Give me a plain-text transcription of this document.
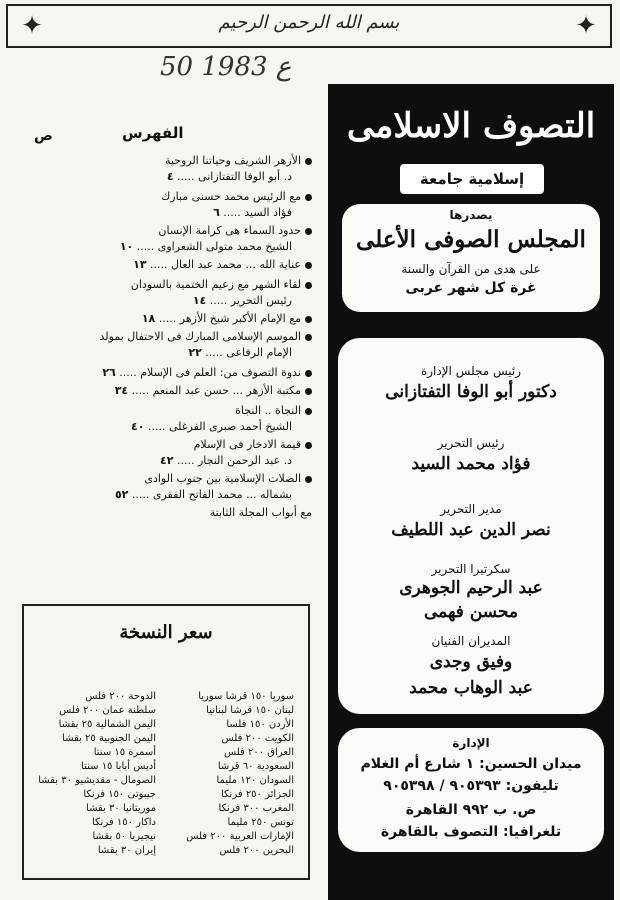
✦	بسم الله الرحمن الرحيم	✦
50 ع 1983
التصوف الاسلامى
إسلامية جامعة
يصدرها
المجلس الصوفى الأعلى
على هدى من القرآن والسنة
غرة كل شهر عربى
رئيس مجلس الإدارة
دكتور أبو الوفا التفتازانى
رئيس التحرير
فؤاد محمد السيد
مدير التحرير
نصر الدين عبد اللطيف
سكرتيرا التحرير
عبد الرحيم الجوهرى
محسن فهمى
المديران الفنيان
وفيق وجدى
عبد الوهاب محمد
الإدارة
ميدان الحسين: ١ شارع أم الغلام
تليفون: ٩٠٥٣٩٣ / ٩٠٥٣٩٨
ص. ب ٩٩٢ القاهرة
تلغرافيا: التصوف بالقاهرة
الفهرس
ص
الأزهر الشريف وحياتنا الروحية
د. أبو الوفا التفتازانى ..... ٤
مع الرئيس محمد حسنى مبارك
فؤاد السيد ..... ٦
حدود السماء هى كرامة الإنسان
الشيخ محمد متولى الشعراوى ..... ١٠
عناية الله ... محمد عبد العال ..... ١٣
لقاء الشهر مع زعيم الختمية بالسودان
رئيس التحرير ..... ١٤
مع الإمام الأكبر شيخ الأزهر ..... ١٨
الموسم الإسلامى المبارك فى الاحتفال بمولد
الإمام الرفاعى ..... ٢٢
ندوة التصوف من: العلم فى الإسلام ..... ٢٦
مكتبة الأزهر ... حسن عبد المنعم ..... ٣٤
النجاة .. النجاة
الشيخ أحمد صبرى الفرغلى ..... ٤٠
قيمة الادخار فى الإسلام
د. عبد الرحمن النجار ..... ٤٢
الصلات الإسلامية بين جنوب الوادى
بشماله ... محمد الفاتح الفقرى ..... ٥٢
مع أبواب المجلة الثابتة
سعر النسخة
سوريا ١٥٠ قرشا سوريا
لبنان ١٥٠ قرشا لبنانيا
الأردن ١٥٠ فلسا
الكويت ٢٠٠ فلس
العراق ٢٠٠ فلس
السعودية ٦٠ قرشا
السودان ١٢٠ مليما
الجزائر ٢٥٠ فرنكا
المغرب ٣٠٠ فرنكا
تونس ٢٥٠ مليما
الإمارات العربية ٢٠٠ فلس
البحرين ٢٠٠ فلس
الدوحة ٢٠٠ فلس
سلطنة عمان ٢٠٠ فلس
اليمن الشمالية ٢٥ بقشا
اليمن الجنوبية ٢٥ بقشا
أسمرة ١٥ سنتا
أديس أبابا ١٥ سنتا
الصومال - مقديشيو ٣٠ بقشا
جيبوتى ١٥٠ فرنكا
موريتانيا ٣٠ بقشا
داكار ١٥٠ فرنكا
نيجيريا ٥٠ بقشا
إيران ٣٠ بقشا
